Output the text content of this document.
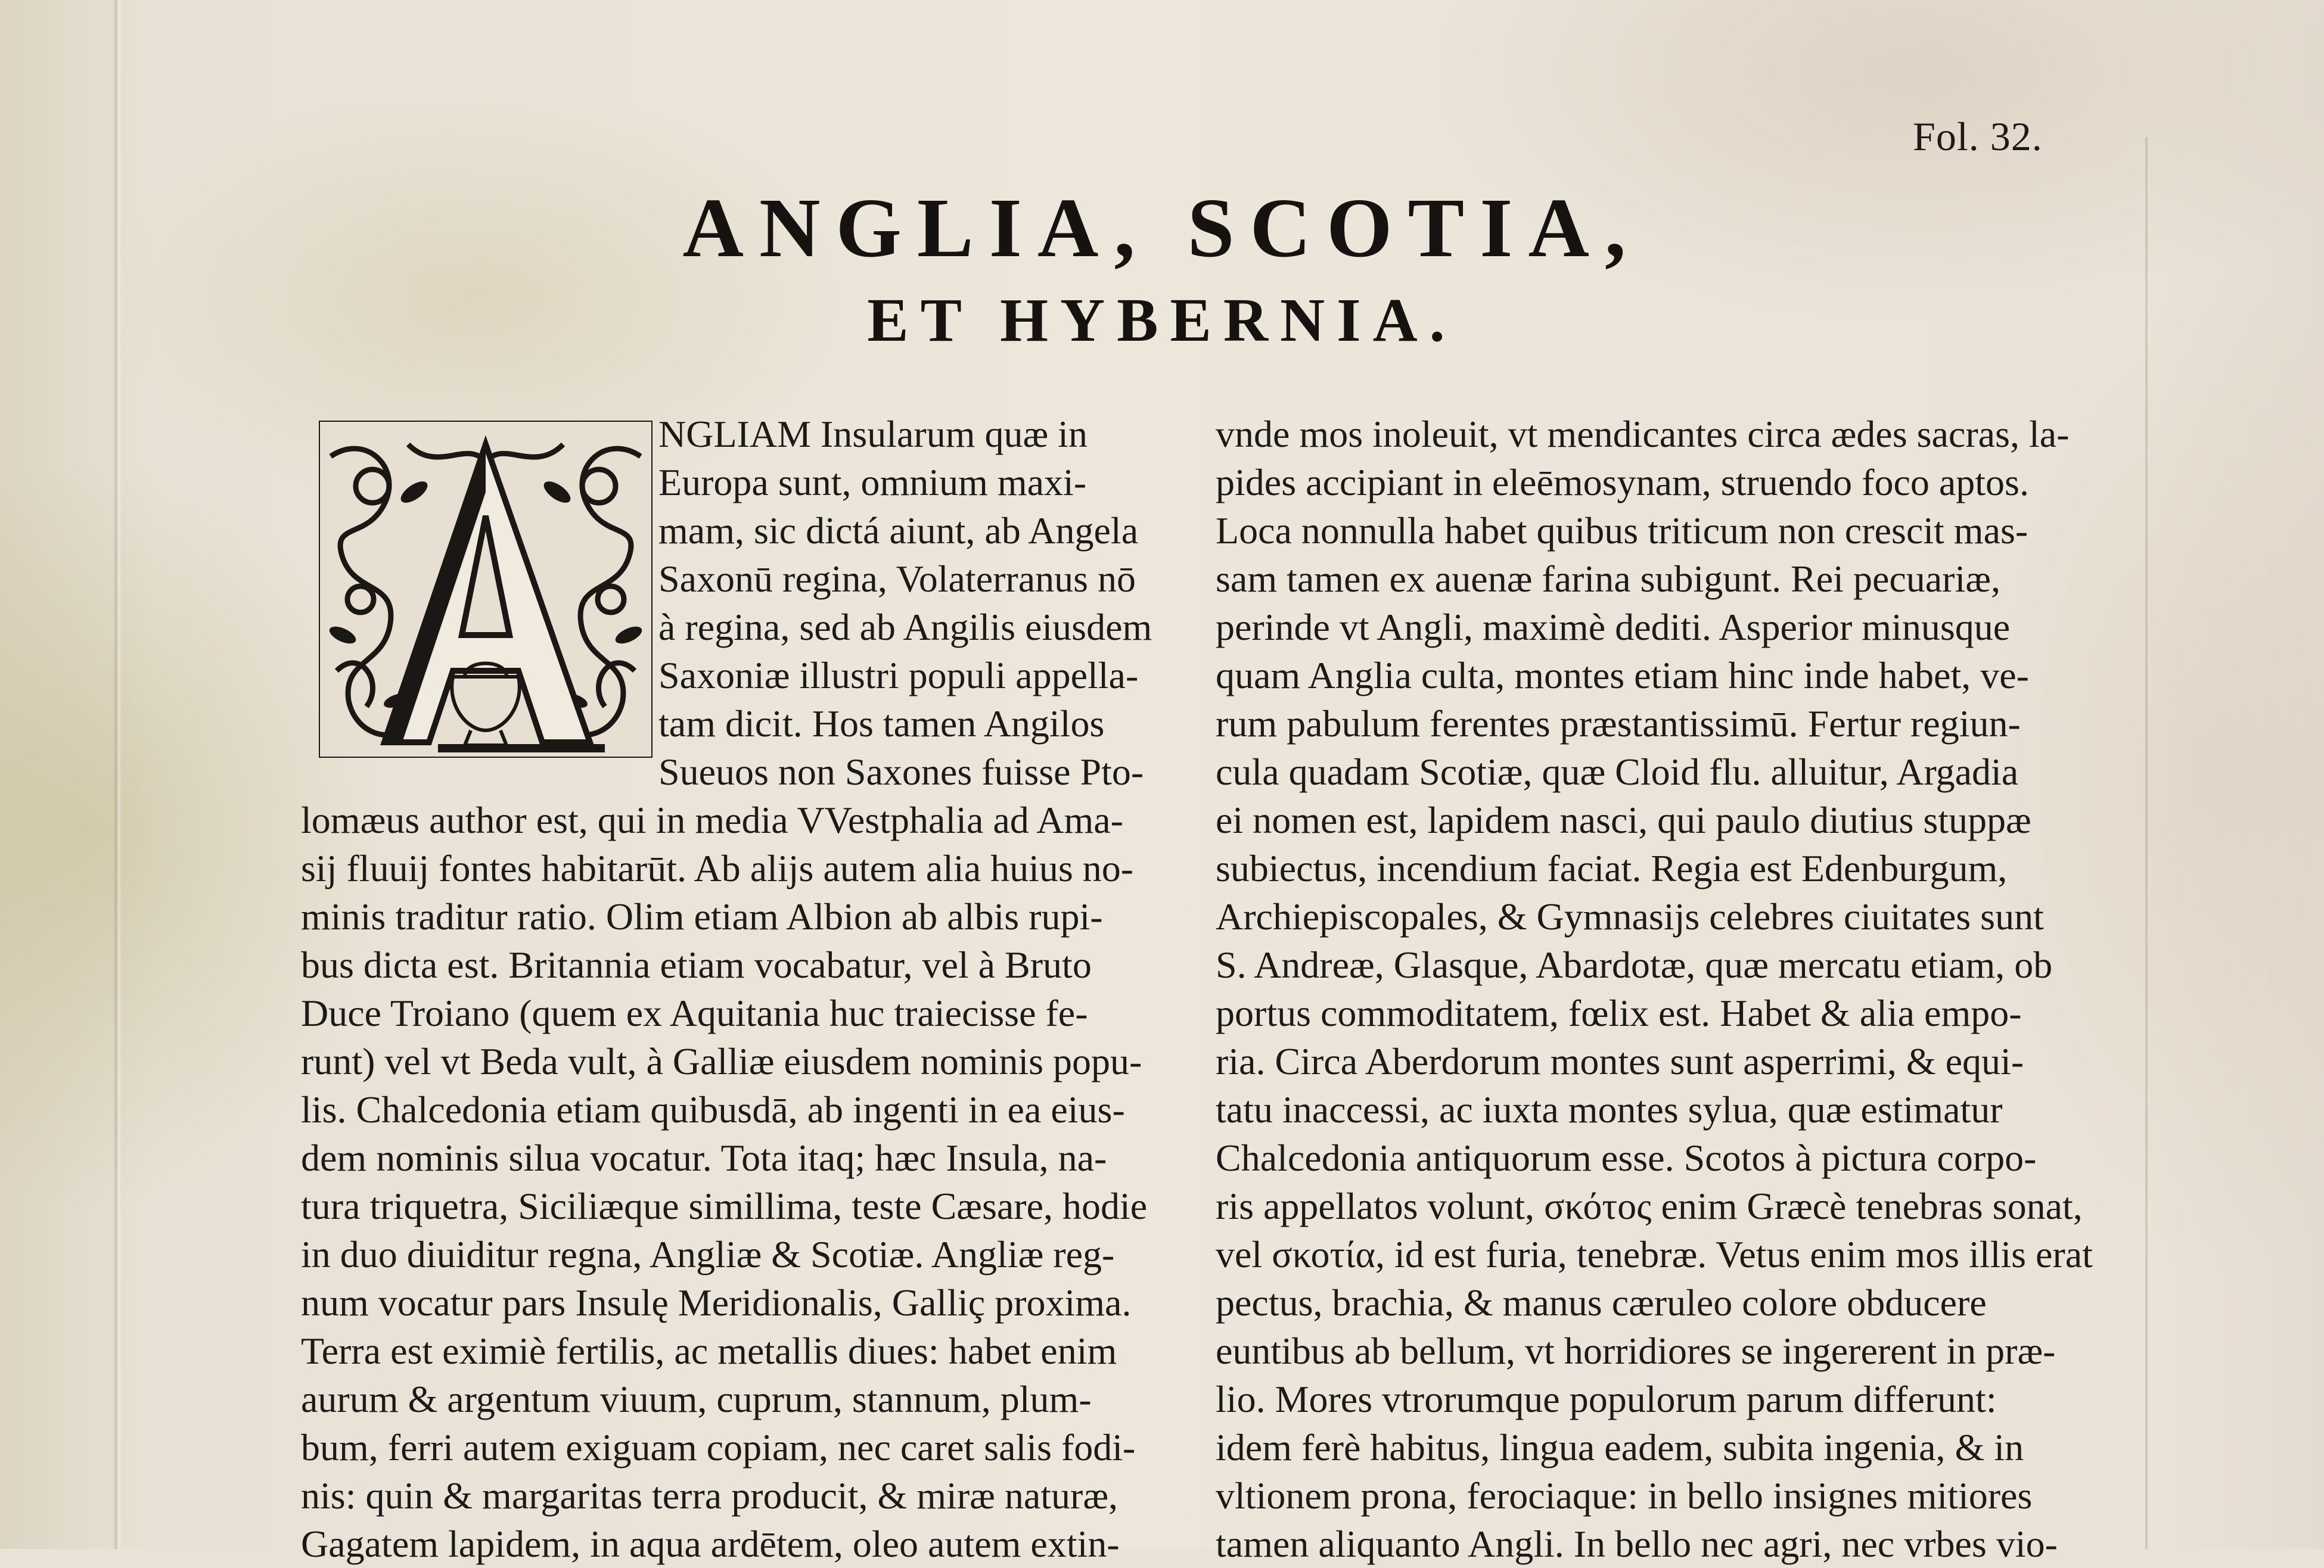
Fol. 32.
ANGLIA, SCOTIA,
ET HYBERNIA.
NGLIAM Insularum quæ in
Europa sunt, omnium maxi-
mam, sic dictá aiunt, ab Angela
Saxonū regina, Volaterranus nō
à regina, sed ab Angilis eiusdem
Saxoniæ illustri populi appella-
tam dicit. Hos tamen Angilos
Sueuos non Saxones fuisse Pto-
lomæus author est, qui in media VVestphalia ad Ama-
sij fluuij fontes habitarūt. Ab alijs autem alia huius no-
minis traditur ratio. Olim etiam Albion ab albis rupi-
bus dicta est. Britannia etiam vocabatur, vel à Bruto
Duce Troiano (quem ex Aquitania huc traiecisse fe-
runt) vel vt Beda vult, à Galliæ eiusdem nominis popu-
lis. Chalcedonia etiam quibusdā, ab ingenti in ea eius-
dem nominis silua vocatur. Tota itaq; hæc Insula, na-
tura triquetra, Siciliæque simillima, teste Cæsare, hodie
in duo diuiditur regna, Angliæ & Scotiæ. Angliæ reg-
num vocatur pars Insulę Meridionalis, Galliç proxima.
Terra est eximiè fertilis, ac metallis diues: habet enim
aurum & argentum viuum, cuprum, stannum, plum-
bum, ferri autem exiguam copiam, nec caret salis fodi-
nis: quin & margaritas terra producit, & miræ naturæ,
Gagatem lapidem, in aqua ardētem, oleo autem extin-
vnde mos inoleuit, vt mendicantes circa ædes sacras, la-
pides accipiant in eleēmosynam, struendo foco aptos.
Loca nonnulla habet quibus triticum non crescit mas-
sam tamen ex auenæ farina subigunt. Rei pecuariæ,
perinde vt Angli, maximè dediti. Asperior minusque
quam Anglia culta, montes etiam hinc inde habet, ve-
rum pabulum ferentes præstantissimū. Fertur regiun-
cula quadam Scotiæ, quæ Cloid flu. alluitur, Argadia
ei nomen est, lapidem nasci, qui paulo diutius stuppæ
subiectus, incendium faciat. Regia est Edenburgum,
Archiepiscopales, & Gymnasijs celebres ciuitates sunt
S. Andreæ, Glasque, Abardotæ, quæ mercatu etiam, ob
portus commoditatem, fœlix est. Habet & alia empo-
ria. Circa Aberdorum montes sunt asperrimi, & equi-
tatu inaccessi, ac iuxta montes sylua, quæ estimatur
Chalcedonia antiquorum esse. Scotos à pictura corpo-
ris appellatos volunt, σκότος enim Græcè tenebras sonat,
vel σκοτία, id est furia, tenebræ. Vetus enim mos illis erat
pectus, brachia, & manus cæruleo colore obducere
euntibus ab bellum, vt horridiores se ingererent in præ-
lio. Mores vtrorumque populorum parum differunt:
idem ferè habitus, lingua eadem, subita ingenia, & in
vltionem prona, ferociaque: in bello insignes mitiores
tamen aliquanto Angli. In bello nec agri, nec vrbes vio-
